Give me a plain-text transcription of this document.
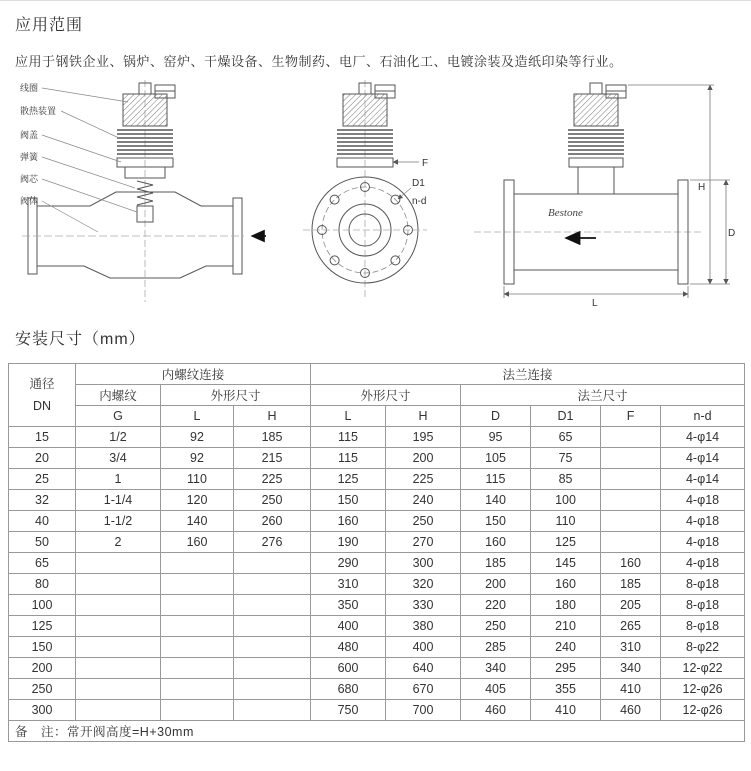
应用范围
应用于钢铁企业、锅炉、窑炉、干燥设备、生物制药、电厂、石油化工、电镀涂装及造纸印染等行业。
线圈
散热装置
阀盖
弹簧
阀芯
阀体
F
D1
n-d
Bestone
H
D
L
安装尺寸（mm）
通径
DN	内螺纹连接			法兰连接					
	内螺纹	外形尺寸		外形尺寸		法兰尺寸			
	G	L	H	L	H	D	D1	F	n-d
15	1/2	92	185	115	195	95	65		4-φ14
20	3/4	92	215	115	200	105	75		4-φ14
25	1	110	225	125	225	115	85		4-φ14
32	1-1/4	120	250	150	240	140	100		4-φ18
40	1-1/2	140	260	160	250	150	110		4-φ18
50	2	160	276	190	270	160	125		4-φ18
65				290	300	185	145	160	4-φ18
80				310	320	200	160	185	8-φ18
100				350	330	220	180	205	8-φ18
125				400	380	250	210	265	8-φ18
150				480	400	285	240	310	8-φ22
200				600	640	340	295	340	12-φ22
250				680	670	405	355	410	12-φ26
300				750	700	460	410	460	12-φ26
备　注：常开阀高度=H+30mm									
